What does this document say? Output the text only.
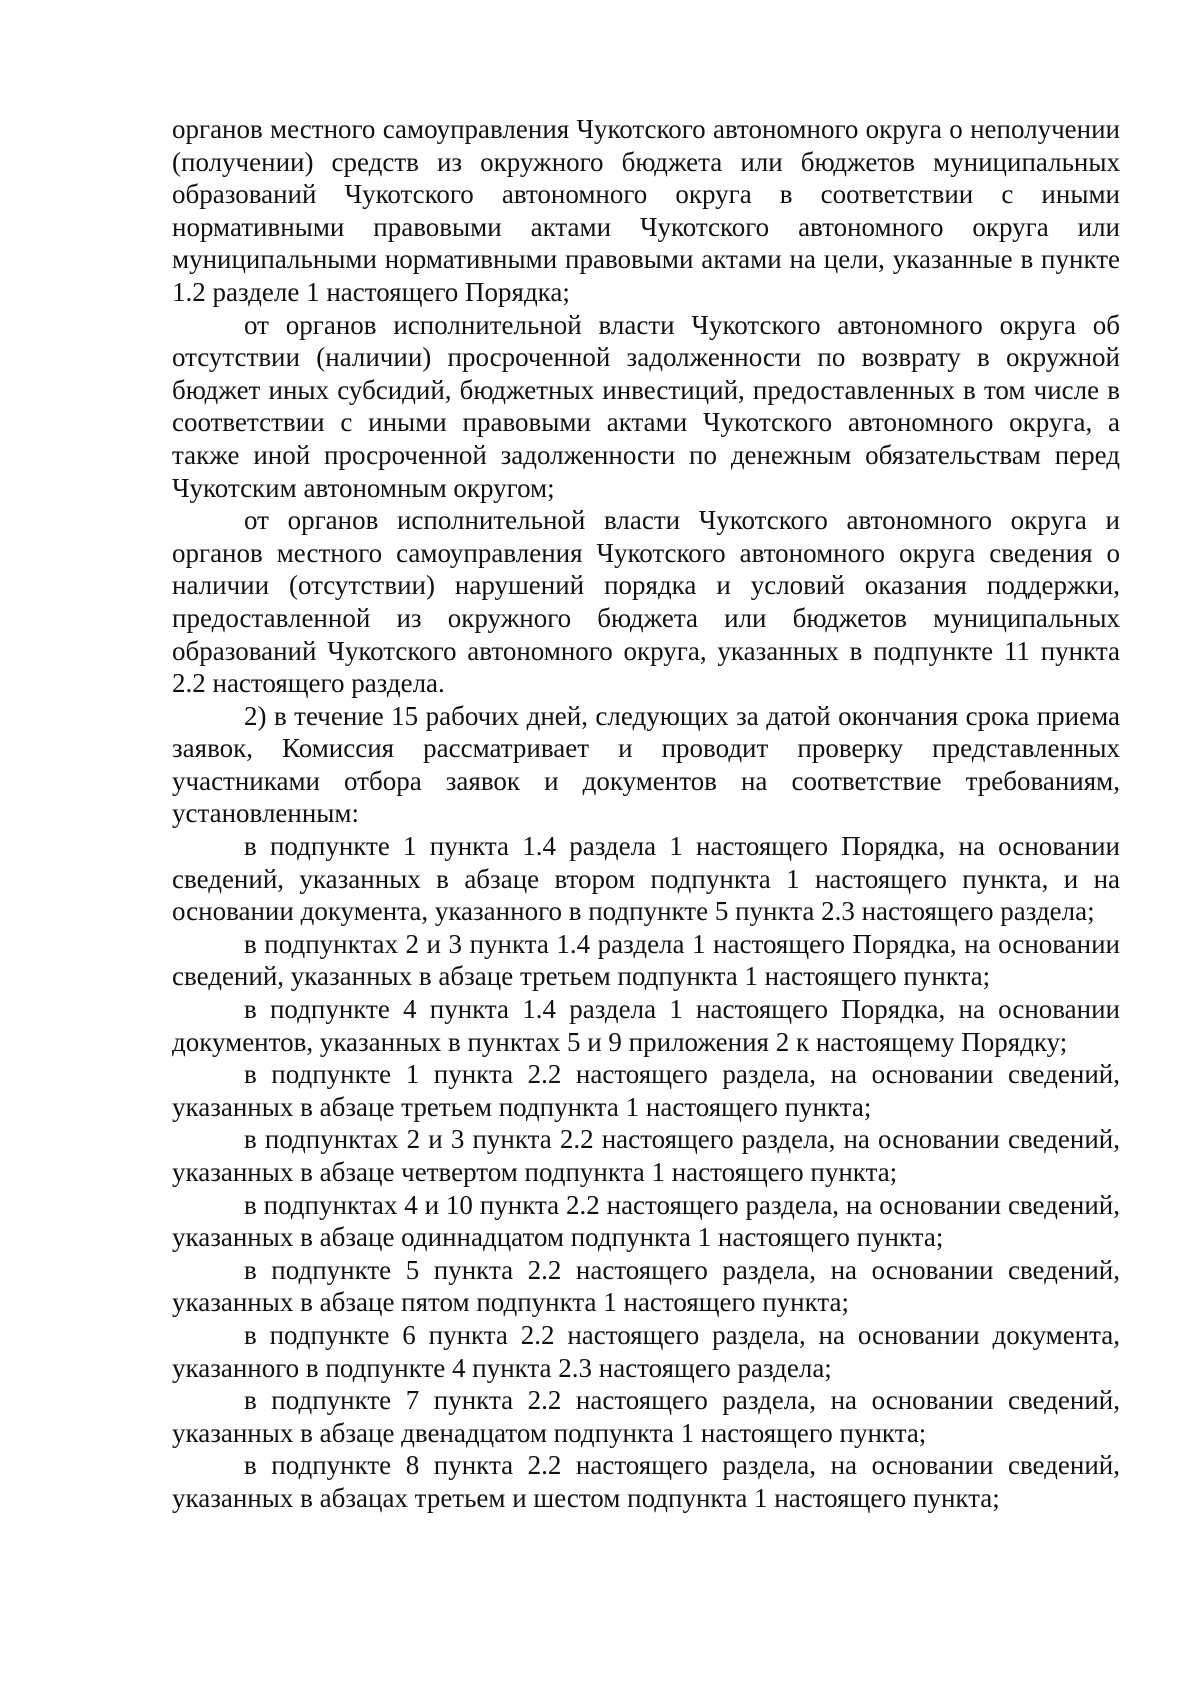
органов местного самоуправления Чукотского автономного округа о неполучении (получении) средств из окружного бюджета или бюджетов муниципальных образований Чукотского автономного округа в соответствии с иными нормативными правовыми актами Чукотского автономного округа или муниципальными нормативными правовыми актами на цели, указанные в пункте 1.2 разделе 1 настоящего Порядка;

от органов исполнительной власти Чукотского автономного округа об отсутствии (наличии) просроченной задолженности по возврату в окружной бюджет иных субсидий, бюджетных инвестиций, предоставленных в том числе в соответствии с иными правовыми актами Чукотского автономного округа, а также иной просроченной задолженности по денежным обязательствам перед Чукотским автономным округом;

от органов исполнительной власти Чукотского автономного округа и органов местного самоуправления Чукотского автономного округа сведения о наличии (отсутствии) нарушений порядка и условий оказания поддержки, предоставленной из окружного бюджета или бюджетов муниципальных образований Чукотского автономного округа, указанных в подпункте 11 пункта 2.2 настоящего раздела.

2) в течение 15 рабочих дней, следующих за датой окончания срока приема заявок, Комиссия рассматривает и проводит проверку представленных участниками отбора заявок и документов на соответствие требованиям, установленным:

в подпункте 1 пункта 1.4 раздела 1 настоящего Порядка, на основании сведений, указанных в абзаце втором подпункта 1 настоящего пункта, и на основании документа, указанного в подпункте 5 пункта 2.3 настоящего раздела;

в подпунктах 2 и 3 пункта 1.4 раздела 1 настоящего Порядка, на основании сведений, указанных в абзаце третьем подпункта 1 настоящего пункта;

в подпункте 4 пункта 1.4 раздела 1 настоящего Порядка, на основании документов, указанных в пунктах 5 и 9 приложения 2 к настоящему Порядку;

в подпункте 1 пункта 2.2 настоящего раздела, на основании сведений, указанных в абзаце третьем подпункта 1 настоящего пункта;

в подпунктах 2 и 3 пункта 2.2 настоящего раздела, на основании сведений, указанных в абзаце четвертом подпункта 1 настоящего пункта;

в подпунктах 4 и 10 пункта 2.2 настоящего раздела, на основании сведений, указанных в абзаце одиннадцатом подпункта 1 настоящего пункта;

в подпункте 5 пункта 2.2 настоящего раздела, на основании сведений, указанных в абзаце пятом подпункта 1 настоящего пункта;

в подпункте 6 пункта 2.2 настоящего раздела, на основании документа, указанного в подпункте 4 пункта 2.3 настоящего раздела;

в подпункте 7 пункта 2.2 настоящего раздела, на основании сведений, указанных в абзаце двенадцатом подпункта 1 настоящего пункта;

в подпункте 8 пункта 2.2 настоящего раздела, на основании сведений, указанных в абзацах третьем и шестом подпункта 1 настоящего пункта;
